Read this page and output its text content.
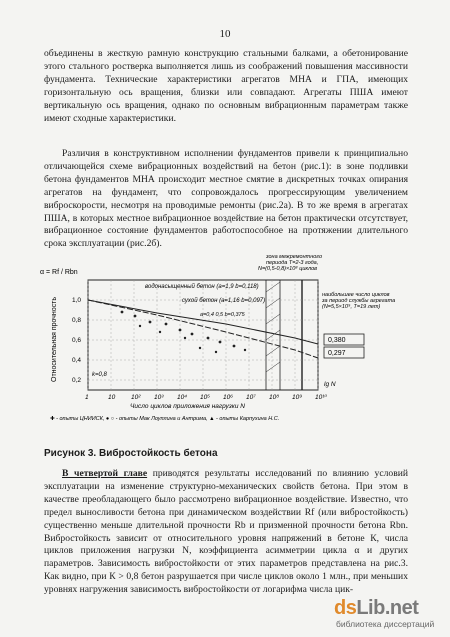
10

объединены в жесткую рамную конструкцию стальными балками, а обетонирование этого стального ростверка выполняется лишь из соображений повышения массивности фундамента. Технические характеристики агрегатов МНА и ГПА, имеющих горизонтальную ось вращения, близки или совпадают. Агрегаты ПША имеют вертикальную ось вращения, однако по основным вибрационным параметрам также имеют сходные характеристики.

Различия в конструктивном исполнении фундаментов привели к принципиально отличающейся схеме вибрационных воздействий на бетон (рис.1): в зоне подливки бетона фундаментов МНА происходит местное смятие в дискретных точках опирания агрегатов на фундамент, что сопровождалось прогрессирующим увеличением виброскорости, несмотря на проводимые ремонты (рис.2а). В то же время в агрегатах ПША, в которых местное вибрационное воздействие на бетон практически отсутствует, вибрационное состояние фундаментов работоспособное на протяжении длительного срока эксплуатации (рис.2б).

0,380
0,297
α = Rf / Rbn
Относительная прочность
зона межремонтного периода T=2-3 года, N=(0,5-0,8)×10⁸ циклов
наибольшее число циклов за период службы агрегата (N=5,5×10⁹, T=19 лет)
водонасыщенный бетон (a=1,9 b=0,118)
сухой бетон (a=1,16 b=0,097)
a=0,4 0,5 b=0,375
k=0,8
lg N
Число циклов приложения нагрузки N
✚ - опыты ЦНИИСК, ● ○ - опыты Мак Лоуплина и Антрима, ▲ - опыты Карпухина Н.С.
1	10 10² 10³ 10⁴ 10⁵ 10⁶ 10⁷ 10⁸ 10⁹ 10¹⁰
0,2
0,4
0,6
0,8
1,0
Рисунок 3. Вибростойкость бетона

В четвертой главе приводятся результаты исследований по влиянию условий эксплуатации на изменение структурно-механических свойств бетона. При этом в качестве преобладающего было рассмотрено вибрационное воздействие. Известно, что предел выносливости бетона при динамическом воздействии Rf (или вибростойкость) существенно меньше длительной прочности Rb и призменной прочности бетона Rbn. Вибростойкость зависит от относительного уровня напряжений в бетоне К, числа циклов приложения нагрузки N, коэффициента асимметрии цикла α и других параметров. Зависимость вибростойкости от этих параметров представлена на рис.3. Как видно, при К > 0,8 бетон разрушается при числе циклов около 1 млн., при меньших уровнях нагружения зависимость вибростойкости от логарифма числа цик-

dsLib.net
библиотека диссертаций
